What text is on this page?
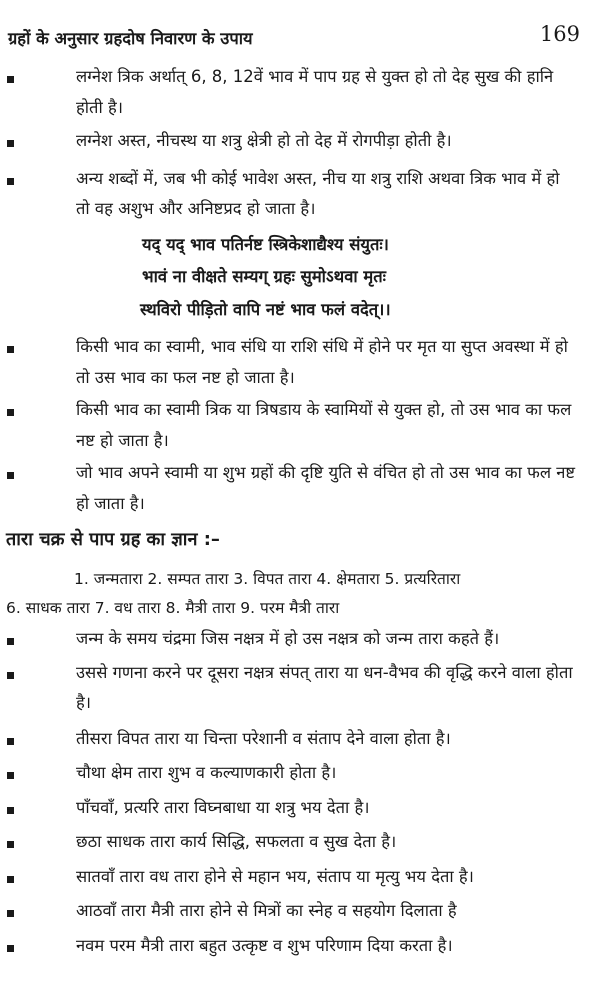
ग्रहों के अनुसार ग्रहदोष निवारण के उपाय	169
लग्नेश त्रिक अर्थात् 6, 8, 12वें भाव में पाप ग्रह से युक्त हो तो देह सुख की हानि होती है।
लग्नेश अस्त, नीचस्थ या शत्रु क्षेत्री हो तो देह में रोगपीड़ा होती है।
अन्य शब्दों में, जब भी कोई भावेश अस्त, नीच या शत्रु राशि अथवा त्रिक भाव में हो तो वह अशुभ और अनिष्टप्रद हो जाता है।
यद् यद् भाव पतिर्नष्ट स्त्रिकेशाद्यैश्य संयुतः।
भावं ना वीक्षते सम्यग् ग्रहः सुमोऽथवा मृतः
स्थविरो पीड़ितो वापि नष्टं भाव फलं वदेत्।।
किसी भाव का स्वामी, भाव संधि या राशि संधि में होने पर मृत या सुप्त अवस्था में हो तो उस भाव का फल नष्ट हो जाता है।
किसी भाव का स्वामी त्रिक या त्रिषडाय के स्वामियों से युक्त हो, तो उस भाव का फल नष्ट हो जाता है।
जो भाव अपने स्वामी या शुभ ग्रहों की दृष्टि युति से वंचित हो तो उस भाव का फल नष्ट हो जाता है।
तारा चक्र से पाप ग्रह का ज्ञान :–
1. जन्मतारा 2. सम्पत तारा 3. विपत तारा 4. क्षेमतारा 5. प्रत्यरितारा
6. साधक तारा 7. वध तारा 8. मैत्री तारा 9. परम मैत्री तारा
जन्म के समय चंद्रमा जिस नक्षत्र में हो उस नक्षत्र को जन्म तारा कहते हैं।
उससे गणना करने पर दूसरा नक्षत्र संपत् तारा या धन-वैभव की वृद्धि करने वाला होता है।
तीसरा विपत तारा या चिन्ता परेशानी व संताप देने वाला होता है।
चौथा क्षेम तारा शुभ व कल्याणकारी होता है।
पाँचवाँ, प्रत्यरि तारा विघ्नबाधा या शत्रु भय देता है।
छठा साधक तारा कार्य सिद्धि, सफलता व सुख देता है।
सातवाँ तारा वध तारा होने से महान भय, संताप या मृत्यु भय देता है।
आठवाँ तारा मैत्री तारा होने से मित्रों का स्नेह व सहयोग दिलाता है
नवम परम मैत्री तारा बहुत उत्‍कृष्ट व शुभ परिणाम दिया करता है।
